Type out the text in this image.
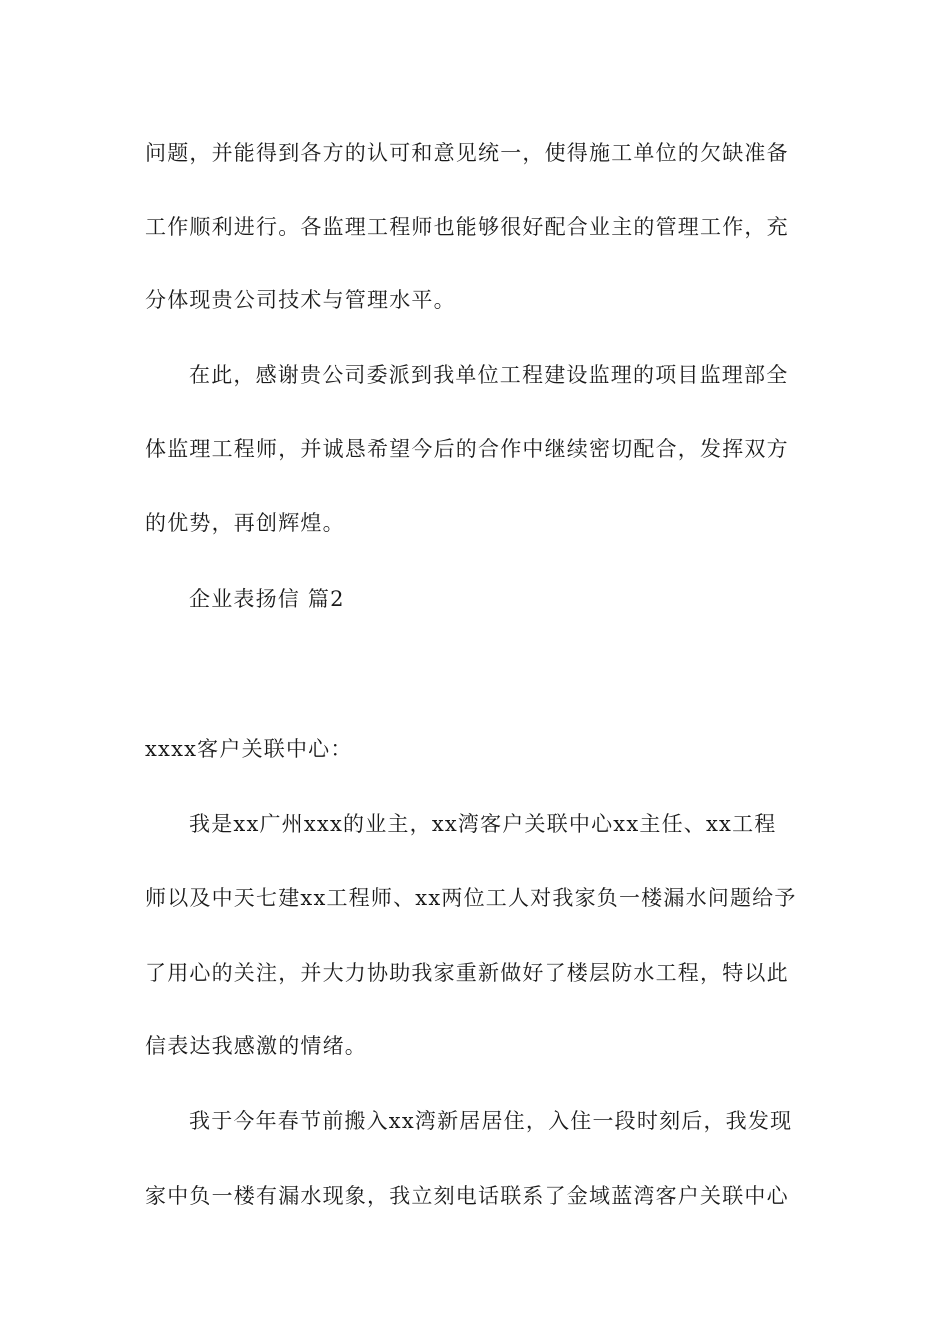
问题，并能得到各方的认可和意见统一，使得施工单位的欠缺准备
工作顺利进行。各监理工程师也能够很好配合业主的管理工作，充
分体现贵公司技术与管理水平。
在此，感谢贵公司委派到我单位工程建设监理的项目监理部全
体监理工程师，并诚恳希望今后的合作中继续密切配合，发挥双方
的优势，再创辉煌。
企业表扬信 篇2
xxxx客户关联中心：
我是xx广州xxx的业主，xx湾客户关联中心xx主任、xx工程
师以及中天七建xx工程师、xx两位工人对我家负一楼漏水问题给予
了用心的关注，并大力协助我家重新做好了楼层防水工程，特以此
信表达我感激的情绪。
我于今年春节前搬入xx湾新居居住，入住一段时刻后，我发现
家中负一楼有漏水现象，我立刻电话联系了金域蓝湾客户关联中心
